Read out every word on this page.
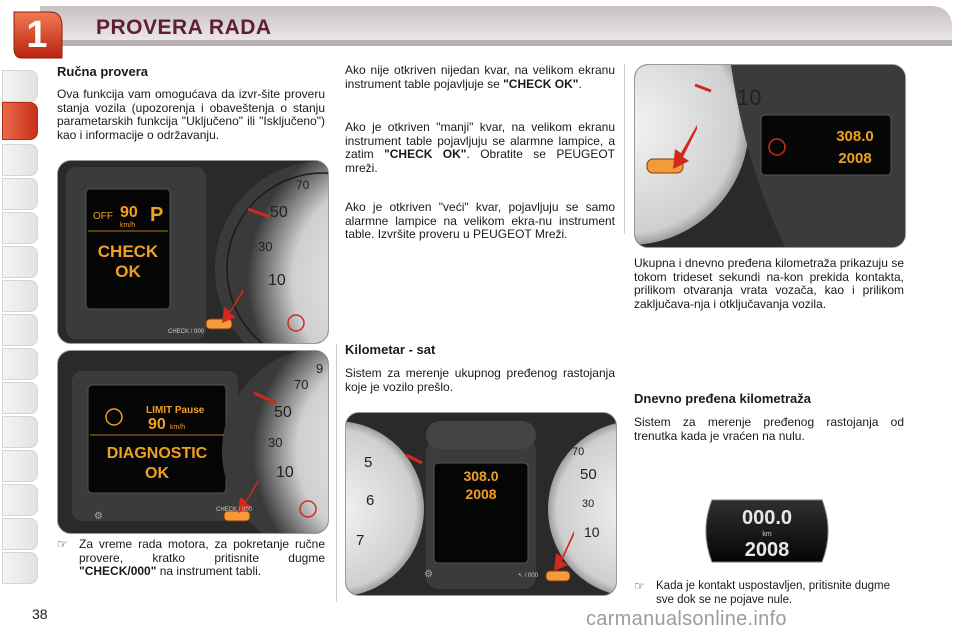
1	PROVERA RADA
Ručna provera
Ova funkcija vam omogućava da izvr-šite proveru stanja vozila (upozorenja i obaveštenja o stanju parametarskih funkcija "Uključeno" ili "Isključeno") kao i informacije o održavanju.
70
50
30
10
OFF 90
km/h P
CHECK
OK
CHECK / 000
9
70
50
30
10
LIMIT Pause
90 km/h
DIAGNOSTIC
OK
CHECK / 000
⚙
☞ Za vreme rada motora, za pokretanje ručne provere, kratko pritisnite dugme "CHECK/000" na instrument tabli.
Ako nije otkriven nijedan kvar, na velikom ekranu instrument table pojavljuje se "CHECK OK".
Ako je otkriven "manji" kvar, na velikom ekranu instrument table pojavljuju se alarmne lampice, a zatim "CHECK OK". Obratite se PEUGEOT mreži.
Ako je otkriven "veći" kvar, pojavljuju se samo alarmne lampice na velikom ekra-nu instrument table. Izvršite proveru u PEUGEOT Mreži.
Kilometar - sat
Sistem za merenje ukupnog pređenog rastojanja koje je vozilo prešlo.
5
6
7
70
50
30
10
308.0
2008
↖ / 000
⚙
10
308.0
2008
Ukupna i dnevno pređena kilometraža prikazuju se tokom trideset sekundi na-kon prekida kontakta, prilikom otvaranja vrata vozača, kao i prilikom zaključava-nja i otključavanja vozila.
Dnevno pređena kilometraža
Sistem za merenje pređenog rastojanja od trenutka kada je vraćen na nulu.
000.0
km
2008
☞ Kada je kontakt uspostavljen, pritisnite dugme sve dok se ne pojave nule.
38	carmanualsonline.info
